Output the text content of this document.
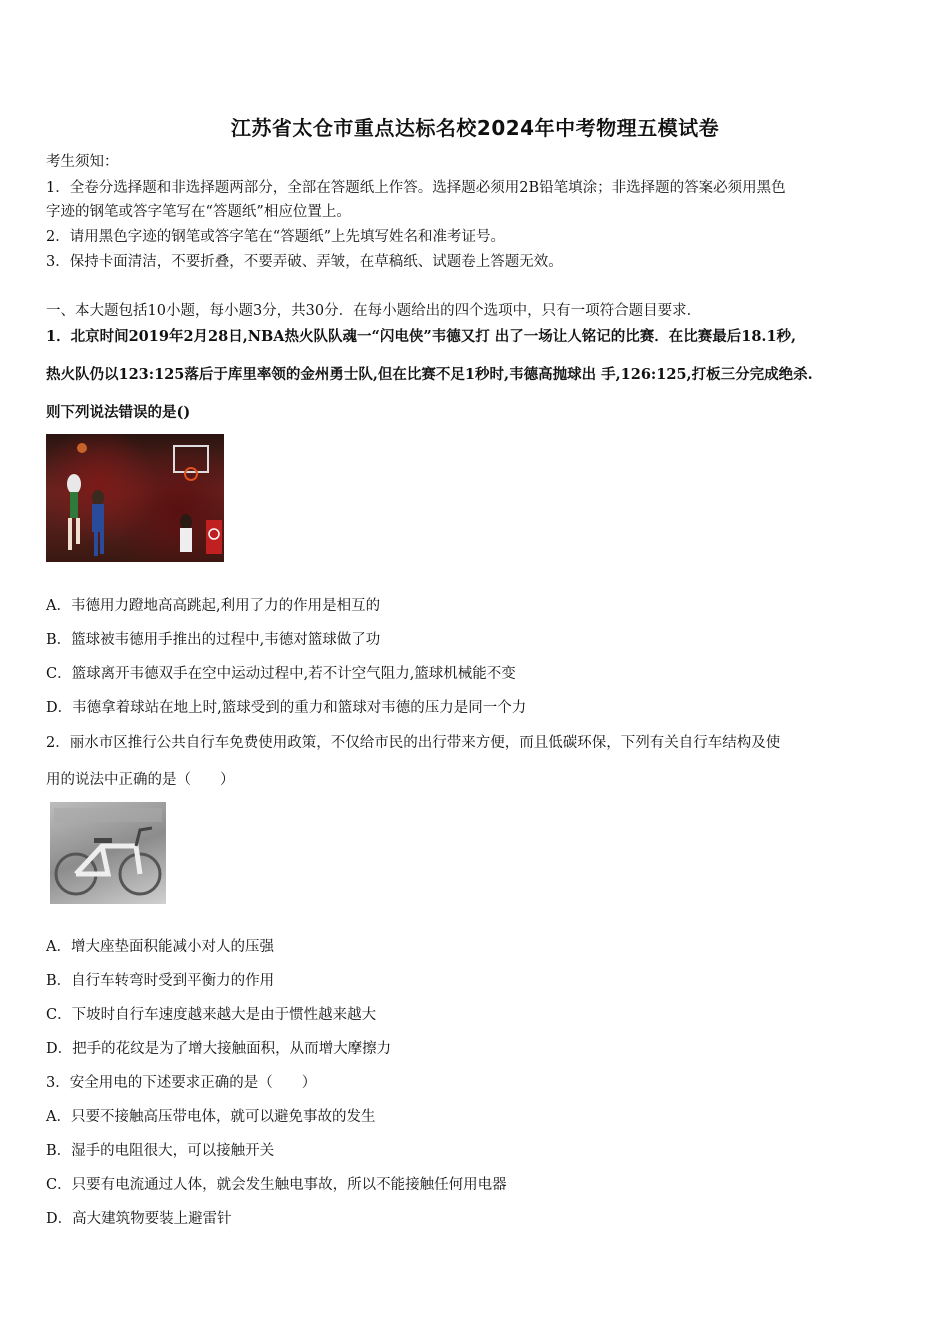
江苏省太仓市重点达标名校2024年中考物理五模试卷
考生须知：
1．全卷分选择题和非选择题两部分，全部在答题纸上作答。选择题必须用2B铅笔填涂；非选择题的答案必须用黑色
字迹的钢笔或答字笔写在“答题纸”相应位置上。
2．请用黑色字迹的钢笔或答字笔在“答题纸”上先填写姓名和准考证号。
3．保持卡面清洁，不要折叠，不要弄破、弄皱，在草稿纸、试题卷上答题无效。
一、本大题包括10小题，每小题3分，共30分．在每小题给出的四个选项中，只有一项符合题目要求．
1．北京时间2019年2月28日,NBA热火队队魂一“闪电侠”韦德又打 出了一场让人铭记的比赛．在比赛最后18.1秒,
热火队仍以123:125落后于库里率领的金州勇士队,但在比赛不足1秒时,韦德高抛球出 手,126:125,打板三分完成绝杀.
则下列说法错误的是()
A．韦德用力蹬地高高跳起,利用了力的作用是相互的
B．篮球被韦德用手推出的过程中,韦德对篮球做了功
C．篮球离开韦德双手在空中运动过程中,若不计空气阻力,篮球机械能不变
D．韦德拿着球站在地上时,篮球受到的重力和篮球对韦德的压力是同一个力
2．丽水市区推行公共自行车免费使用政策，不仅给市民的出行带来方便，而且低碳环保，下列有关自行车结构及使
用的说法中正确的是（　　）
A．增大座垫面积能减小对人的压强
B．自行车转弯时受到平衡力的作用
C．下坡时自行车速度越来越大是由于惯性越来越大
D．把手的花纹是为了增大接触面积，从而增大摩擦力
3．安全用电的下述要求正确的是（　　）
A．只要不接触高压带电体，就可以避免事故的发生
B．湿手的电阻很大，可以接触开关
C．只要有电流通过人体，就会发生触电事故，所以不能接触任何用电器
D．高大建筑物要装上避雷针
